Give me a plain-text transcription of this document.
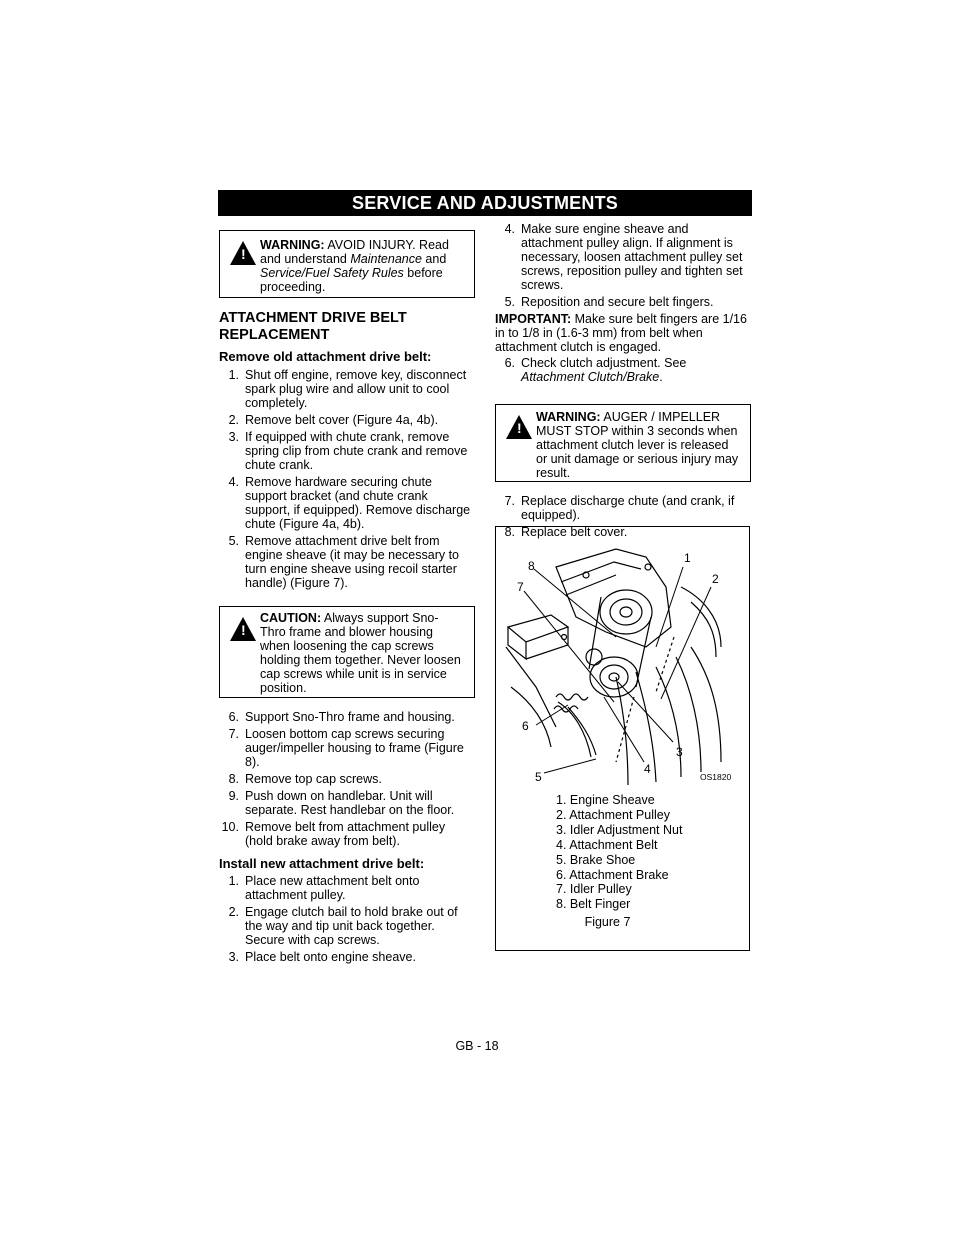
SERVICE AND ADJUSTMENTS
!
WARNING: AVOID INJURY. Read and understand Maintenance and Service/Fuel Safety Rules before proceeding.
ATTACHMENT DRIVE BELT REPLACEMENT
Remove old attachment drive belt:
1. Shut off engine, remove key, disconnect spark plug wire and allow unit to cool completely.
2. Remove belt cover (Figure 4a, 4b).
3. If equipped with chute crank, remove spring clip from chute crank and remove chute crank.
4. Remove hardware securing chute support bracket (and chute crank support, if equipped). Remove discharge chute (Figure 4a, 4b).
5. Remove attachment drive belt from engine sheave (it may be necessary to turn engine sheave using recoil starter handle) (Figure 7).
!
CAUTION: Always support Sno-Thro frame and blower housing when loosening the cap screws holding them together. Never loosen cap screws while unit is in service position.
6. Support Sno-Thro frame and housing.
7. Loosen bottom cap screws securing auger/impeller housing to frame (Figure 8).
8. Remove top cap screws.
9. Push down on handlebar. Unit will separate. Rest handlebar on the floor.
10. Remove belt from attachment pulley (hold brake away from belt).
Install new attachment drive belt:
1. Place new attachment belt onto attachment pulley.
2. Engage clutch bail to hold brake out of the way and tip unit back together. Secure with cap screws.
3. Place belt onto engine sheave.
4. Make sure engine sheave and attachment pulley align. If alignment is necessary, loosen attachment pulley set screws, reposition pulley and tighten set screws.
5. Reposition and secure belt fingers.
IMPORTANT: Make sure belt fingers are 1/16 in to 1/8 in (1.6-3 mm) from belt when attachment clutch is engaged.
6. Check clutch adjustment. See Attachment Clutch/Brake.
!
WARNING: AUGER / IMPELLER MUST STOP within 3 seconds when attachment clutch lever is released or unit damage or serious injury may result.
7. Replace discharge chute (and crank, if equipped).
8. Replace belt cover.
1
2
3
4
5
6
7
8
OS1820
1. Engine Sheave
2. Attachment Pulley
3. Idler Adjustment Nut
4. Attachment Belt
5. Brake Shoe
6. Attachment Brake
7. Idler Pulley
8. Belt Finger
Figure 7
GB - 18
